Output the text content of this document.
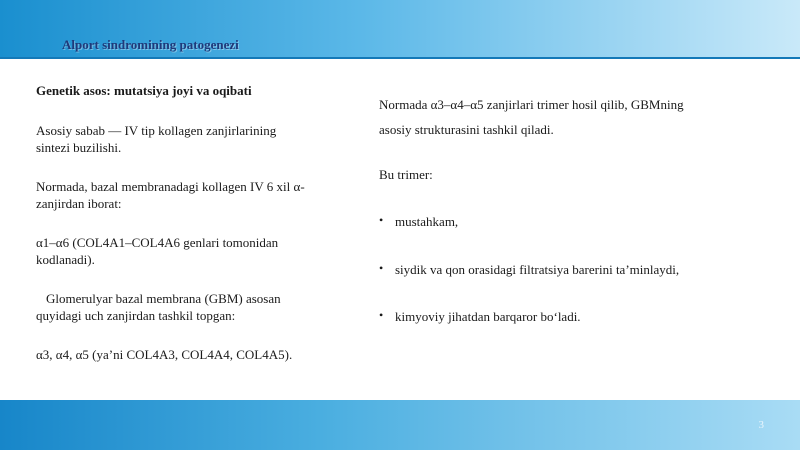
Alport sindromining patogenezi

Genetik asos: mutatsiya joyi va oqibati

Asosiy sabab — IV tip kollagen zanjirlarining sintezi buzilishi.

Normada, bazal membranadagi kollagen IV 6 xil α-zanjirdan iborat:

α1–α6 (COL4A1–COL4A6 genlari tomonidan kodlanadi).

Glomerulyar bazal membrana (GBM) asosan quyidagi uch zanjirdan tashkil topgan:

α3, α4, α5 (ya’ni COL4A3, COL4A4, COL4A5).

Normada α3–α4–α5 zanjirlari trimer hosil qilib, GBMning asosiy strukturasini tashkil qiladi.

Bu trimer:

• mustahkam,
• siydik va qon orasidagi filtratsiya barerini ta’minlaydi,
• kimyoviy jihatdan barqaror bo‘ladi.
3
